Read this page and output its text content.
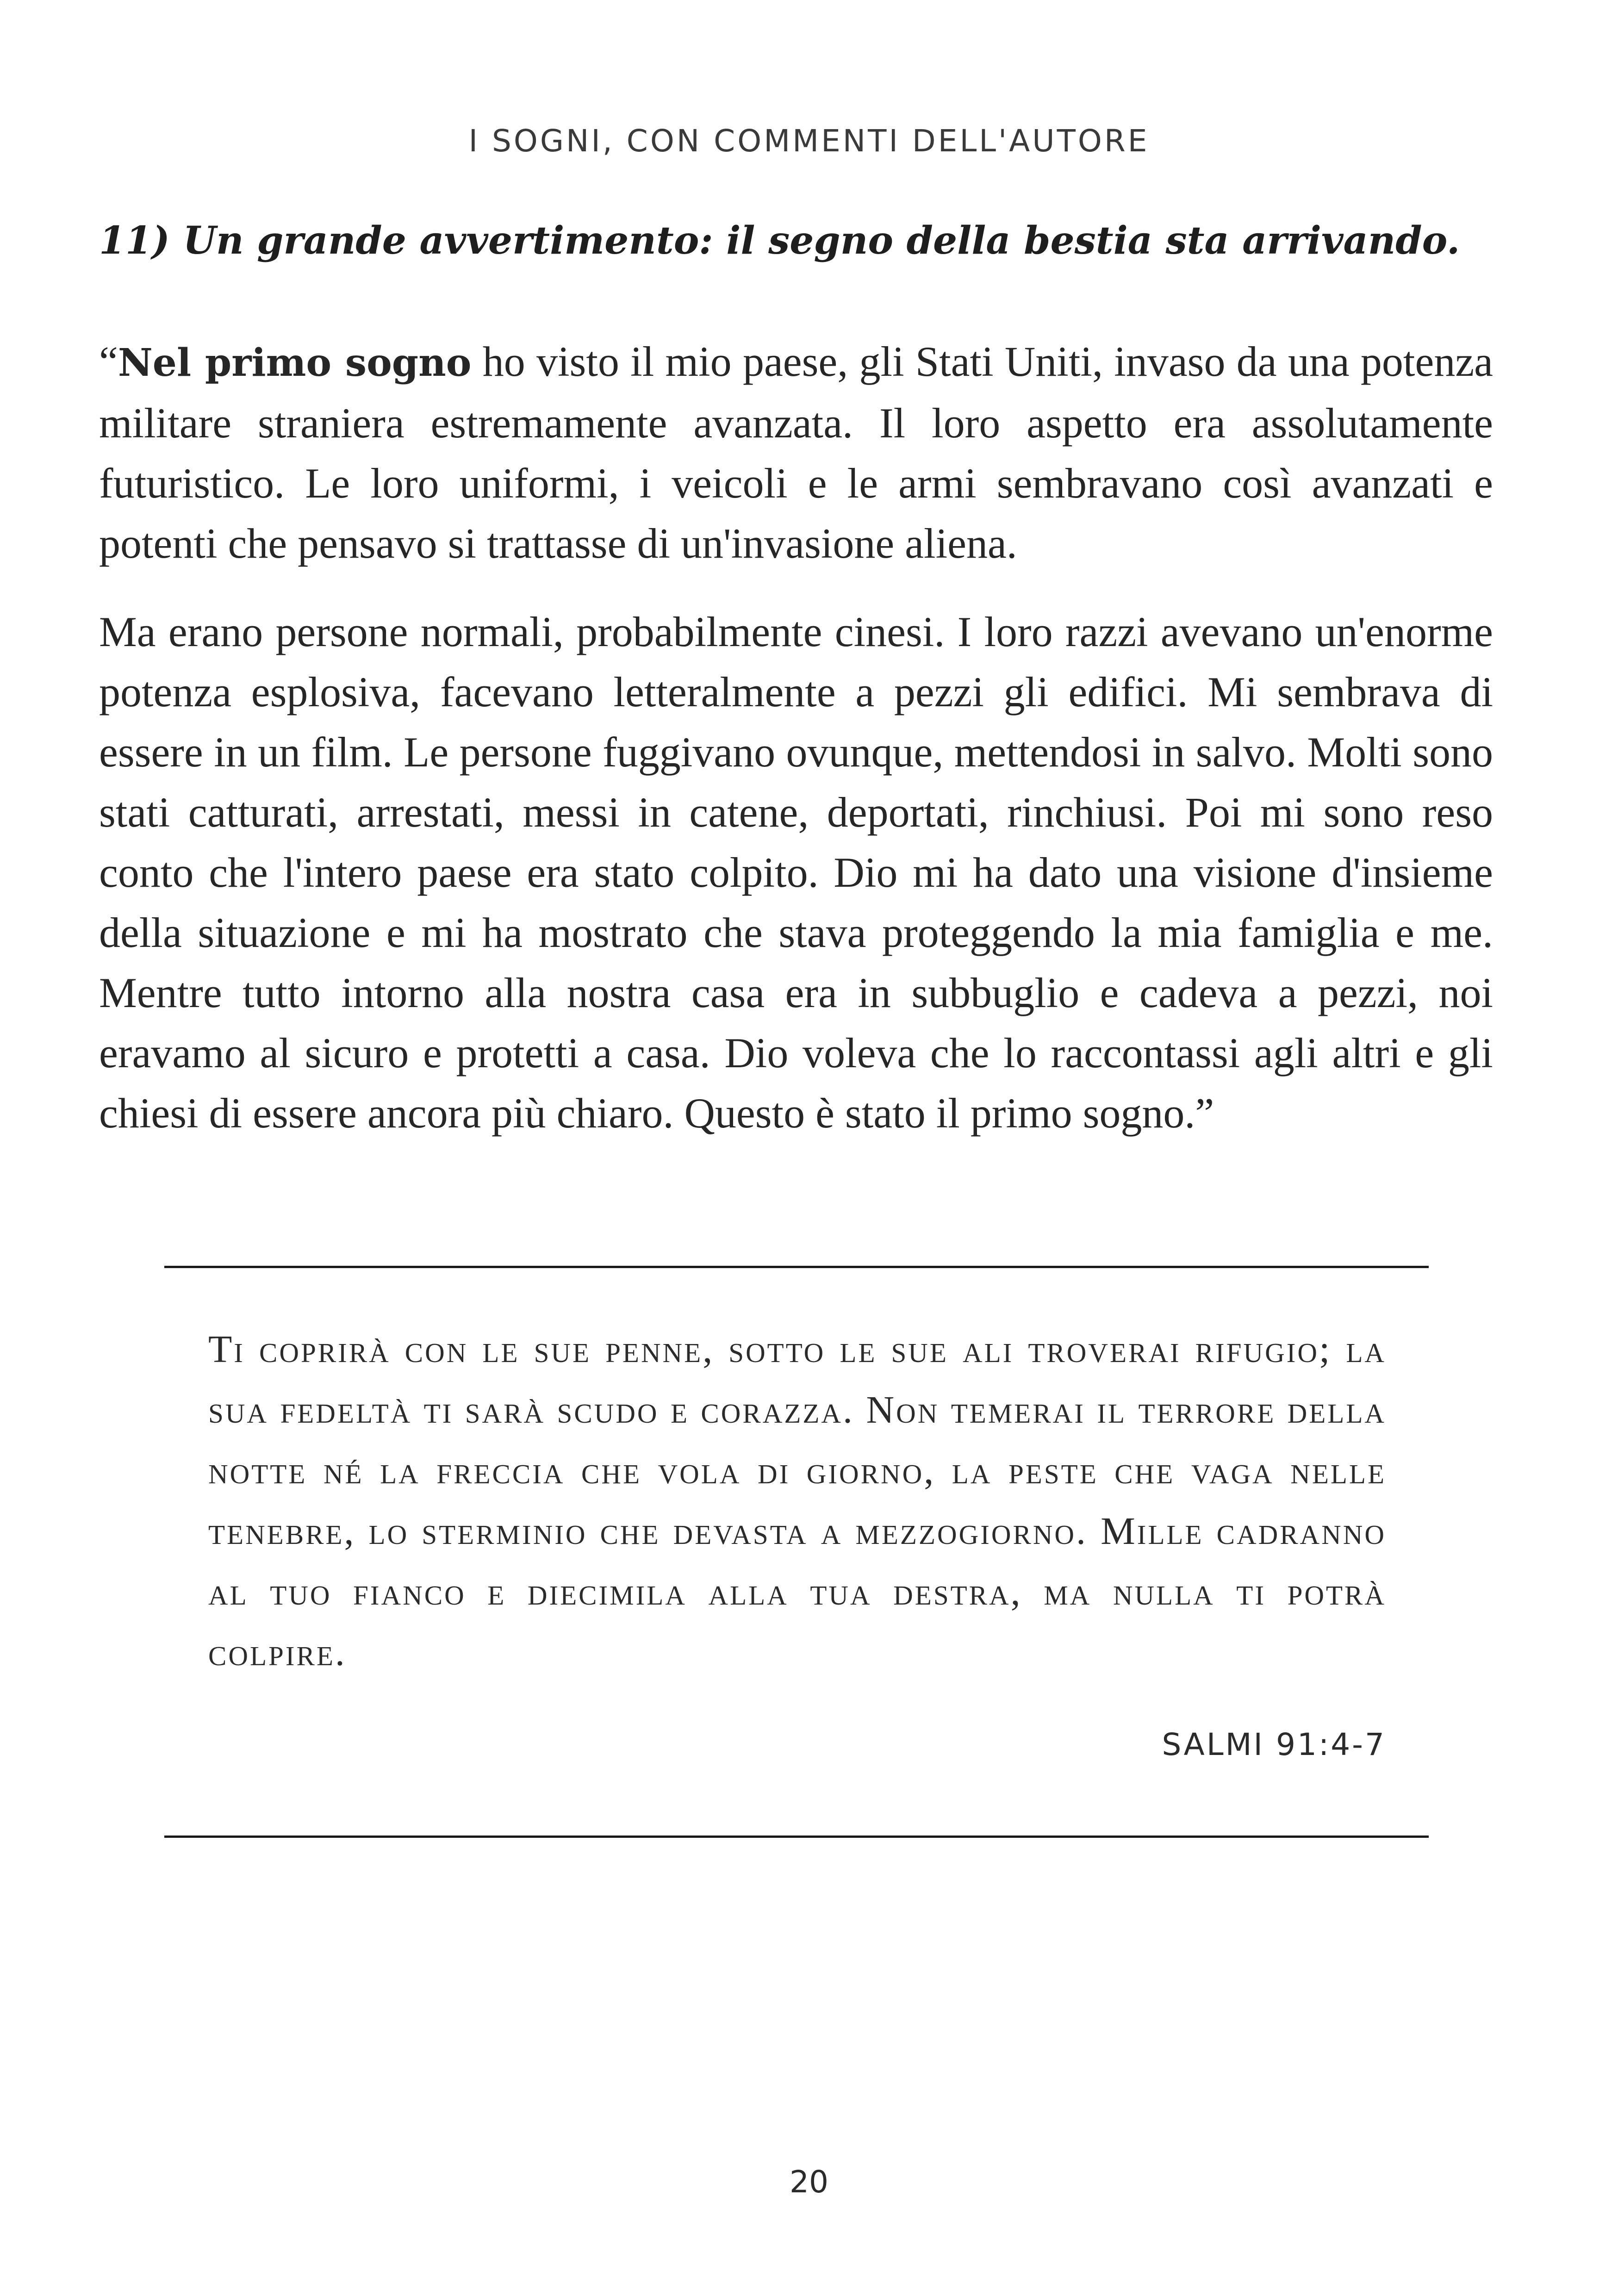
I SOGNI, CON COMMENTI DELL'AUTORE
11) Un grande avvertimento: il segno della bestia sta arrivando.

“Nel primo sogno ho visto il mio paese, gli Stati Uniti, invaso da una potenza militare straniera estremamente avanzata. Il loro aspetto era assolutamente futuristico. Le loro uniformi, i veicoli e le armi sembravano così avanzati e potenti che pensavo si trattasse di un'invasione aliena.

Ma erano persone normali, probabilmente cinesi. I loro razzi avevano un'enorme potenza esplosiva, facevano letteralmente a pezzi gli edifici. Mi sembrava di essere in un film. Le persone fuggivano ovunque, mettendosi in salvo. Molti sono stati catturati, arrestati, messi in catene, deportati, rinchiusi. Poi mi sono reso conto che l'intero paese era stato colpito. Dio mi ha dato una visione d'insieme della situazione e mi ha mostrato che stava proteggendo la mia famiglia e me. Mentre tutto intorno alla nostra casa era in subbuglio e cadeva a pezzi, noi eravamo al sicuro e protetti a casa. Dio voleva che lo raccontassi agli altri e gli chiesi di essere ancora più chiaro. Questo è stato il primo sogno.”

Ti coprirà con le sue penne, sotto le sue ali troverai rifugio; la sua fedeltà ti sarà scudo e corazza. Non temerai il terrore della notte né la freccia che vola di giorno, la peste che vaga nelle tenebre, lo sterminio che devasta a mezzogiorno. Mille cadranno al tuo fianco e diecimila alla tua destra, ma nulla ti potrà colpire.

SALMI 91:4-7
20
